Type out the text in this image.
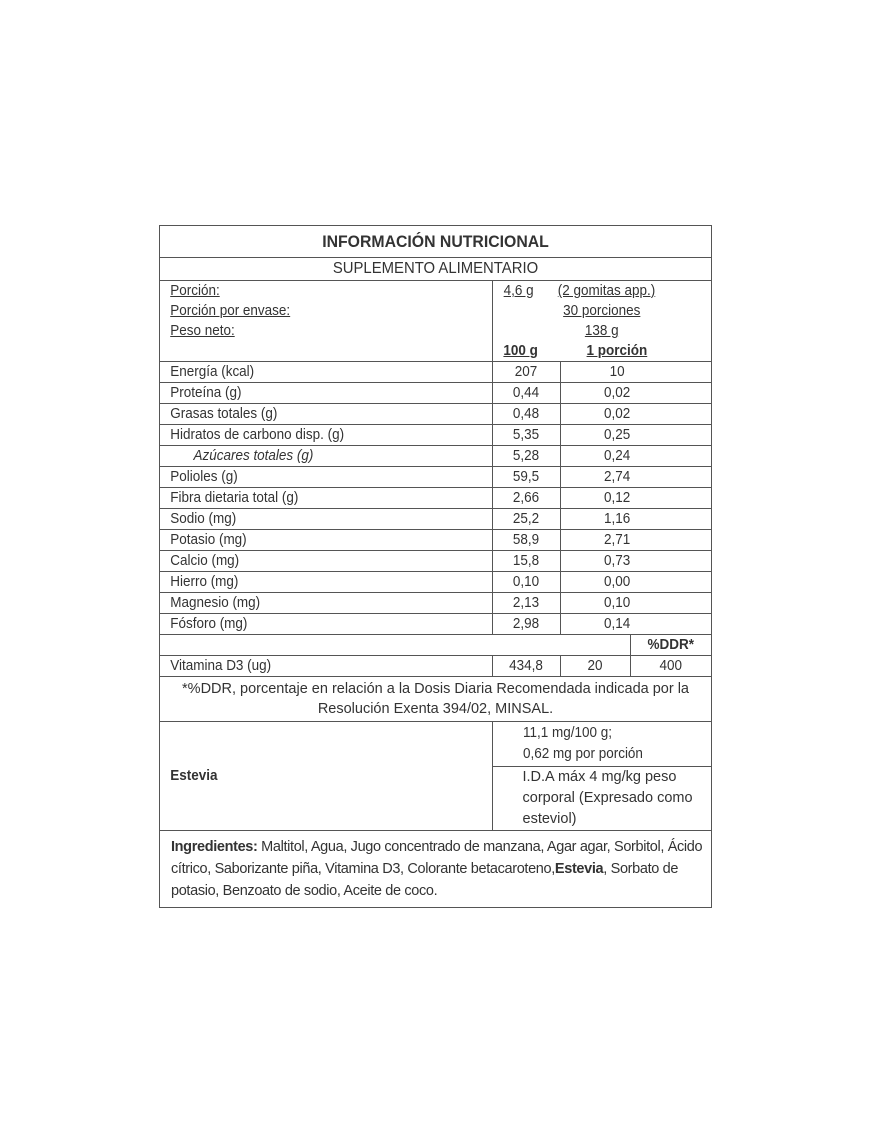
INFORMACIÓN NUTRICIONAL			
SUPLEMENTO ALIMENTARIO			
Porción:	4,6 g (2 gomitas app.)		
Porción por envase:	30 porciones		
Peso neto:	138 g		
	100 g	1 porción	
Energía (kcal)	207	10	
Proteína (g)	0,44	0,02	
Grasas totales (g)	0,48	0,02	
Hidratos de carbono disp. (g)	5,35	0,25	
Azúcares totales (g)	5,28	0,24	
Polioles (g)	59,5	2,74	
Fibra dietaria total (g)	2,66	0,12	
Sodio (mg)	25,2	1,16	
Potasio (mg)	58,9	2,71	
Calcio (mg)	15,8	0,73	
Hierro (mg)	0,10	0,00	
Magnesio (mg)	2,13	0,10	
Fósforo (mg)	2,98	0,14	
			%DDR*
Vitamina D3 (ug)	434,8	20	400
*%DDR, porcentaje en relación a la Dosis Diaria Recomendada indicada por la Resolución Exenta 394/02, MINSAL.			
Estevia	11,1 mg/100 g;
0,62 mg por porción		
	I.D.A máx 4 mg/kg peso corporal (Expresado como esteviol)		
Ingredientes: Maltitol, Agua, Jugo concentrado de manzana, Agar agar, Sorbitol, Ácido cítrico, Saborizante piña, Vitamina D3, Colorante betacaroteno,Estevia, Sorbato de potasio, Benzoato de sodio, Aceite de coco.			
